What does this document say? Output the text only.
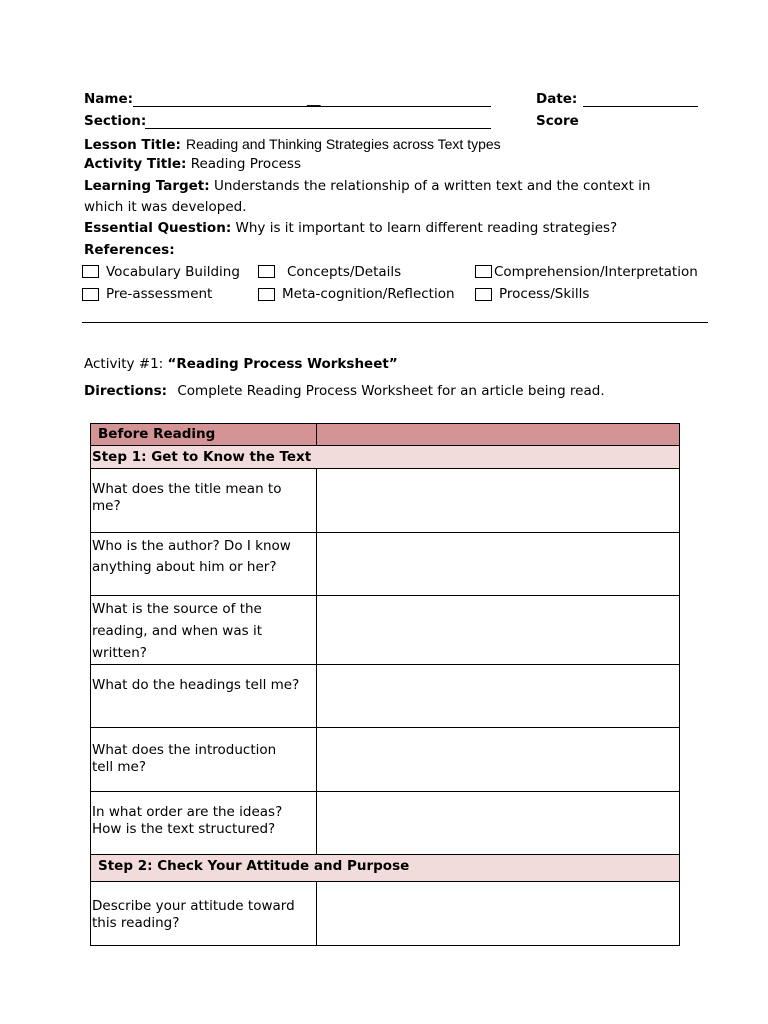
Name:	__	Date:
Section:	Score
Lesson Title: Reading and Thinking Strategies across Text types
Activity Title: Reading Process
Learning Target: Understands the relationship of a written text and the context in
which it was developed.
Essential Question: Why is it important to learn different reading strategies?
References:
Vocabulary Building	Concepts/Details	Comprehension/Interpretation
Pre-assessment	Meta-cognition/Reflection	Process/Skills
Activity #1: “Reading Process Worksheet”
Directions: Complete Reading Process Worksheet for an article being read.
Before Reading	
Step 1: Get to Know the Text	

What does the title mean to me?	

Who is the author? Do I know anything about him or her?	

What is the source of the reading, and when was it written?	

What do the headings tell me?	

What does the introduction tell me?	

In what order are the ideas? How is the text structured?	

Step 2: Check Your Attitude and Purpose	

Describe your attitude toward this reading?	
